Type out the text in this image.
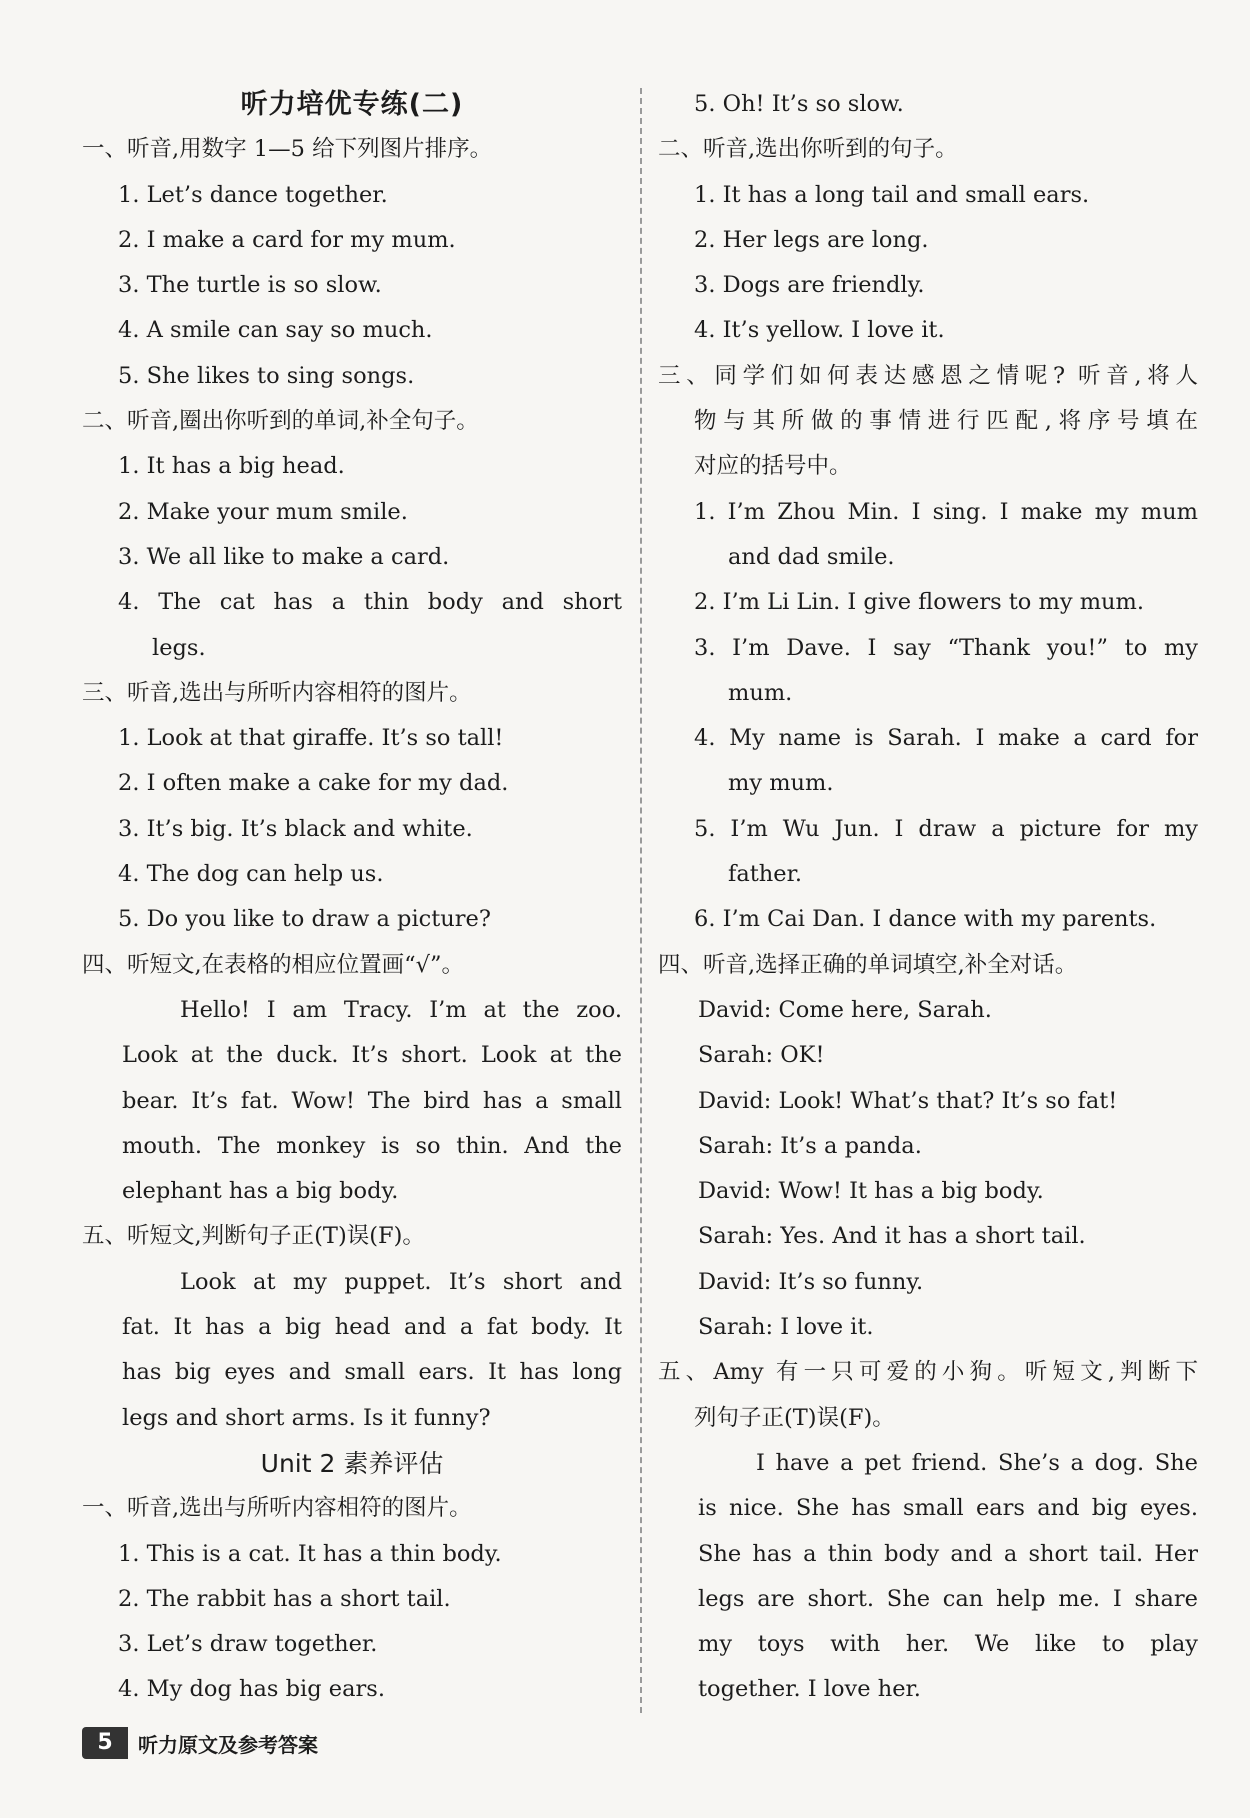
听力培优专练(二)
一、听音,用数字 1—5 给下列图片排序。
1. Let’s dance together.
2. I make a card for my mum.
3. The turtle is so slow.
4. A smile can say so much.
5. She likes to sing songs.
二、听音,圈出你听到的单词,补全句子。
1. It has a big head.
2. Make your mum smile.
3. We all like to make a card.
4. The cat has a thin body and short
legs.
三、听音,选出与所听内容相符的图片。
1. Look at that giraffe. It’s so tall!
2. I often make a cake for my dad.
3. It’s big. It’s black and white.
4. The dog can help us.
5. Do you like to draw a picture?
四、听短文,在表格的相应位置画“√”。
Hello! I am Tracy. I’m at the zoo.
Look at the duck. It’s short. Look at the
bear. It’s fat. Wow! The bird has a small
mouth. The monkey is so thin. And the
elephant has a big body.
五、听短文,判断句子正(T)误(F)。
Look at my puppet. It’s short and
fat. It has a big head and a fat body. It
has big eyes and small ears. It has long
legs and short arms. Is it funny?
Unit 2 素养评估
一、听音,选出与所听内容相符的图片。
1. This is a cat. It has a thin body.
2. The rabbit has a short tail.
3. Let’s draw together.
4. My dog has big ears.
5. Oh! It’s so slow.
二、听音,选出你听到的句子。
1. It has a long tail and small ears.
2. Her legs are long.
3. Dogs are friendly.
4. It’s yellow. I love it.
三、同学们如何表达感恩之情呢? 听音,将人
物与其所做的事情进行匹配,将序号填在
对应的括号中。
1. I’m Zhou Min. I sing. I make my mum
and dad smile.
2. I’m Li Lin. I give flowers to my mum.
3. I’m Dave. I say “Thank you!” to my
mum.
4. My name is Sarah. I make a card for
my mum.
5. I’m Wu Jun. I draw a picture for my
father.
6. I’m Cai Dan. I dance with my parents.
四、听音,选择正确的单词填空,补全对话。
David: Come here, Sarah.
Sarah: OK!
David: Look! What’s that? It’s so fat!
Sarah: It’s a panda.
David: Wow! It has a big body.
Sarah: Yes. And it has a short tail.
David: It’s so funny.
Sarah: I love it.
五、Amy 有一只可爱的小狗。听短文,判断下
列句子正(T)误(F)。
I have a pet friend. She’s a dog. She
is nice. She has small ears and big eyes.
She has a thin body and a short tail. Her
legs are short. She can help me. I share
my toys with her. We like to play
together. I love her.
5	听力原文及参考答案
